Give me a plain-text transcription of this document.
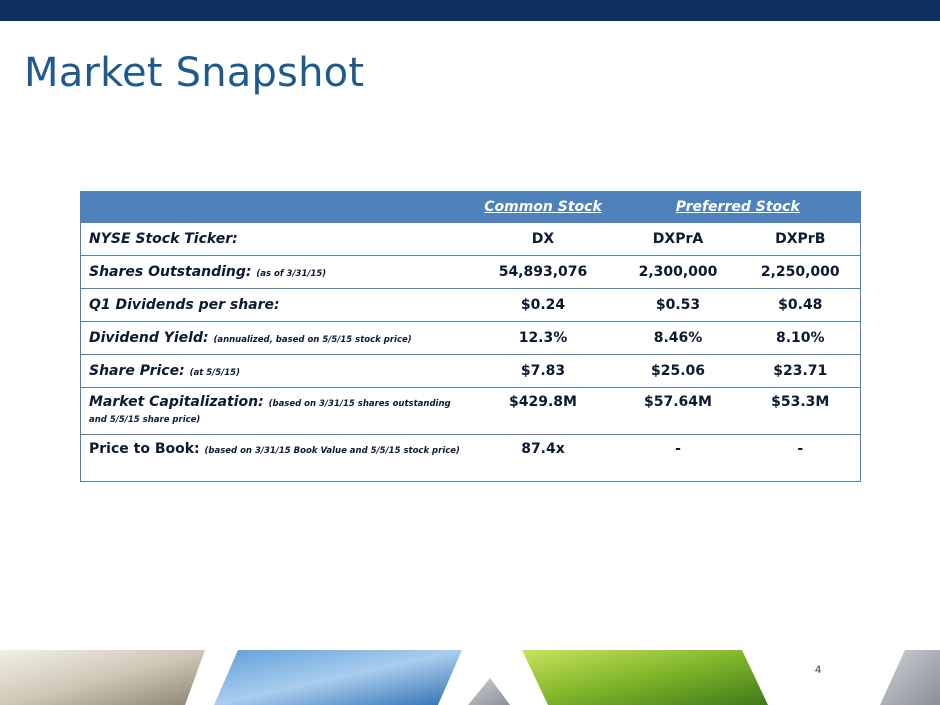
Market Snapshot
	Common Stock	Preferred Stock	
NYSE Stock Ticker:	DX	DXPrA	DXPrB
Shares Outstanding: (as of 3/31/15)	54,893,076	2,300,000	2,250,000
Q1 Dividends per share:	$0.24	$0.53	$0.48
Dividend Yield: (annualized, based on 5/5/15 stock price)	12.3%	8.46%	8.10%
Share Price: (at 5/5/15)	$7.83	$25.06	$23.71
Market Capitalization: (based on 3/31/15 shares outstanding and 5/5/15 share price)	$429.8M	$57.64M	$53.3M
Price to Book: (based on 3/31/15 Book Value and 5/5/15 stock price)	87.4x	-	-
4
